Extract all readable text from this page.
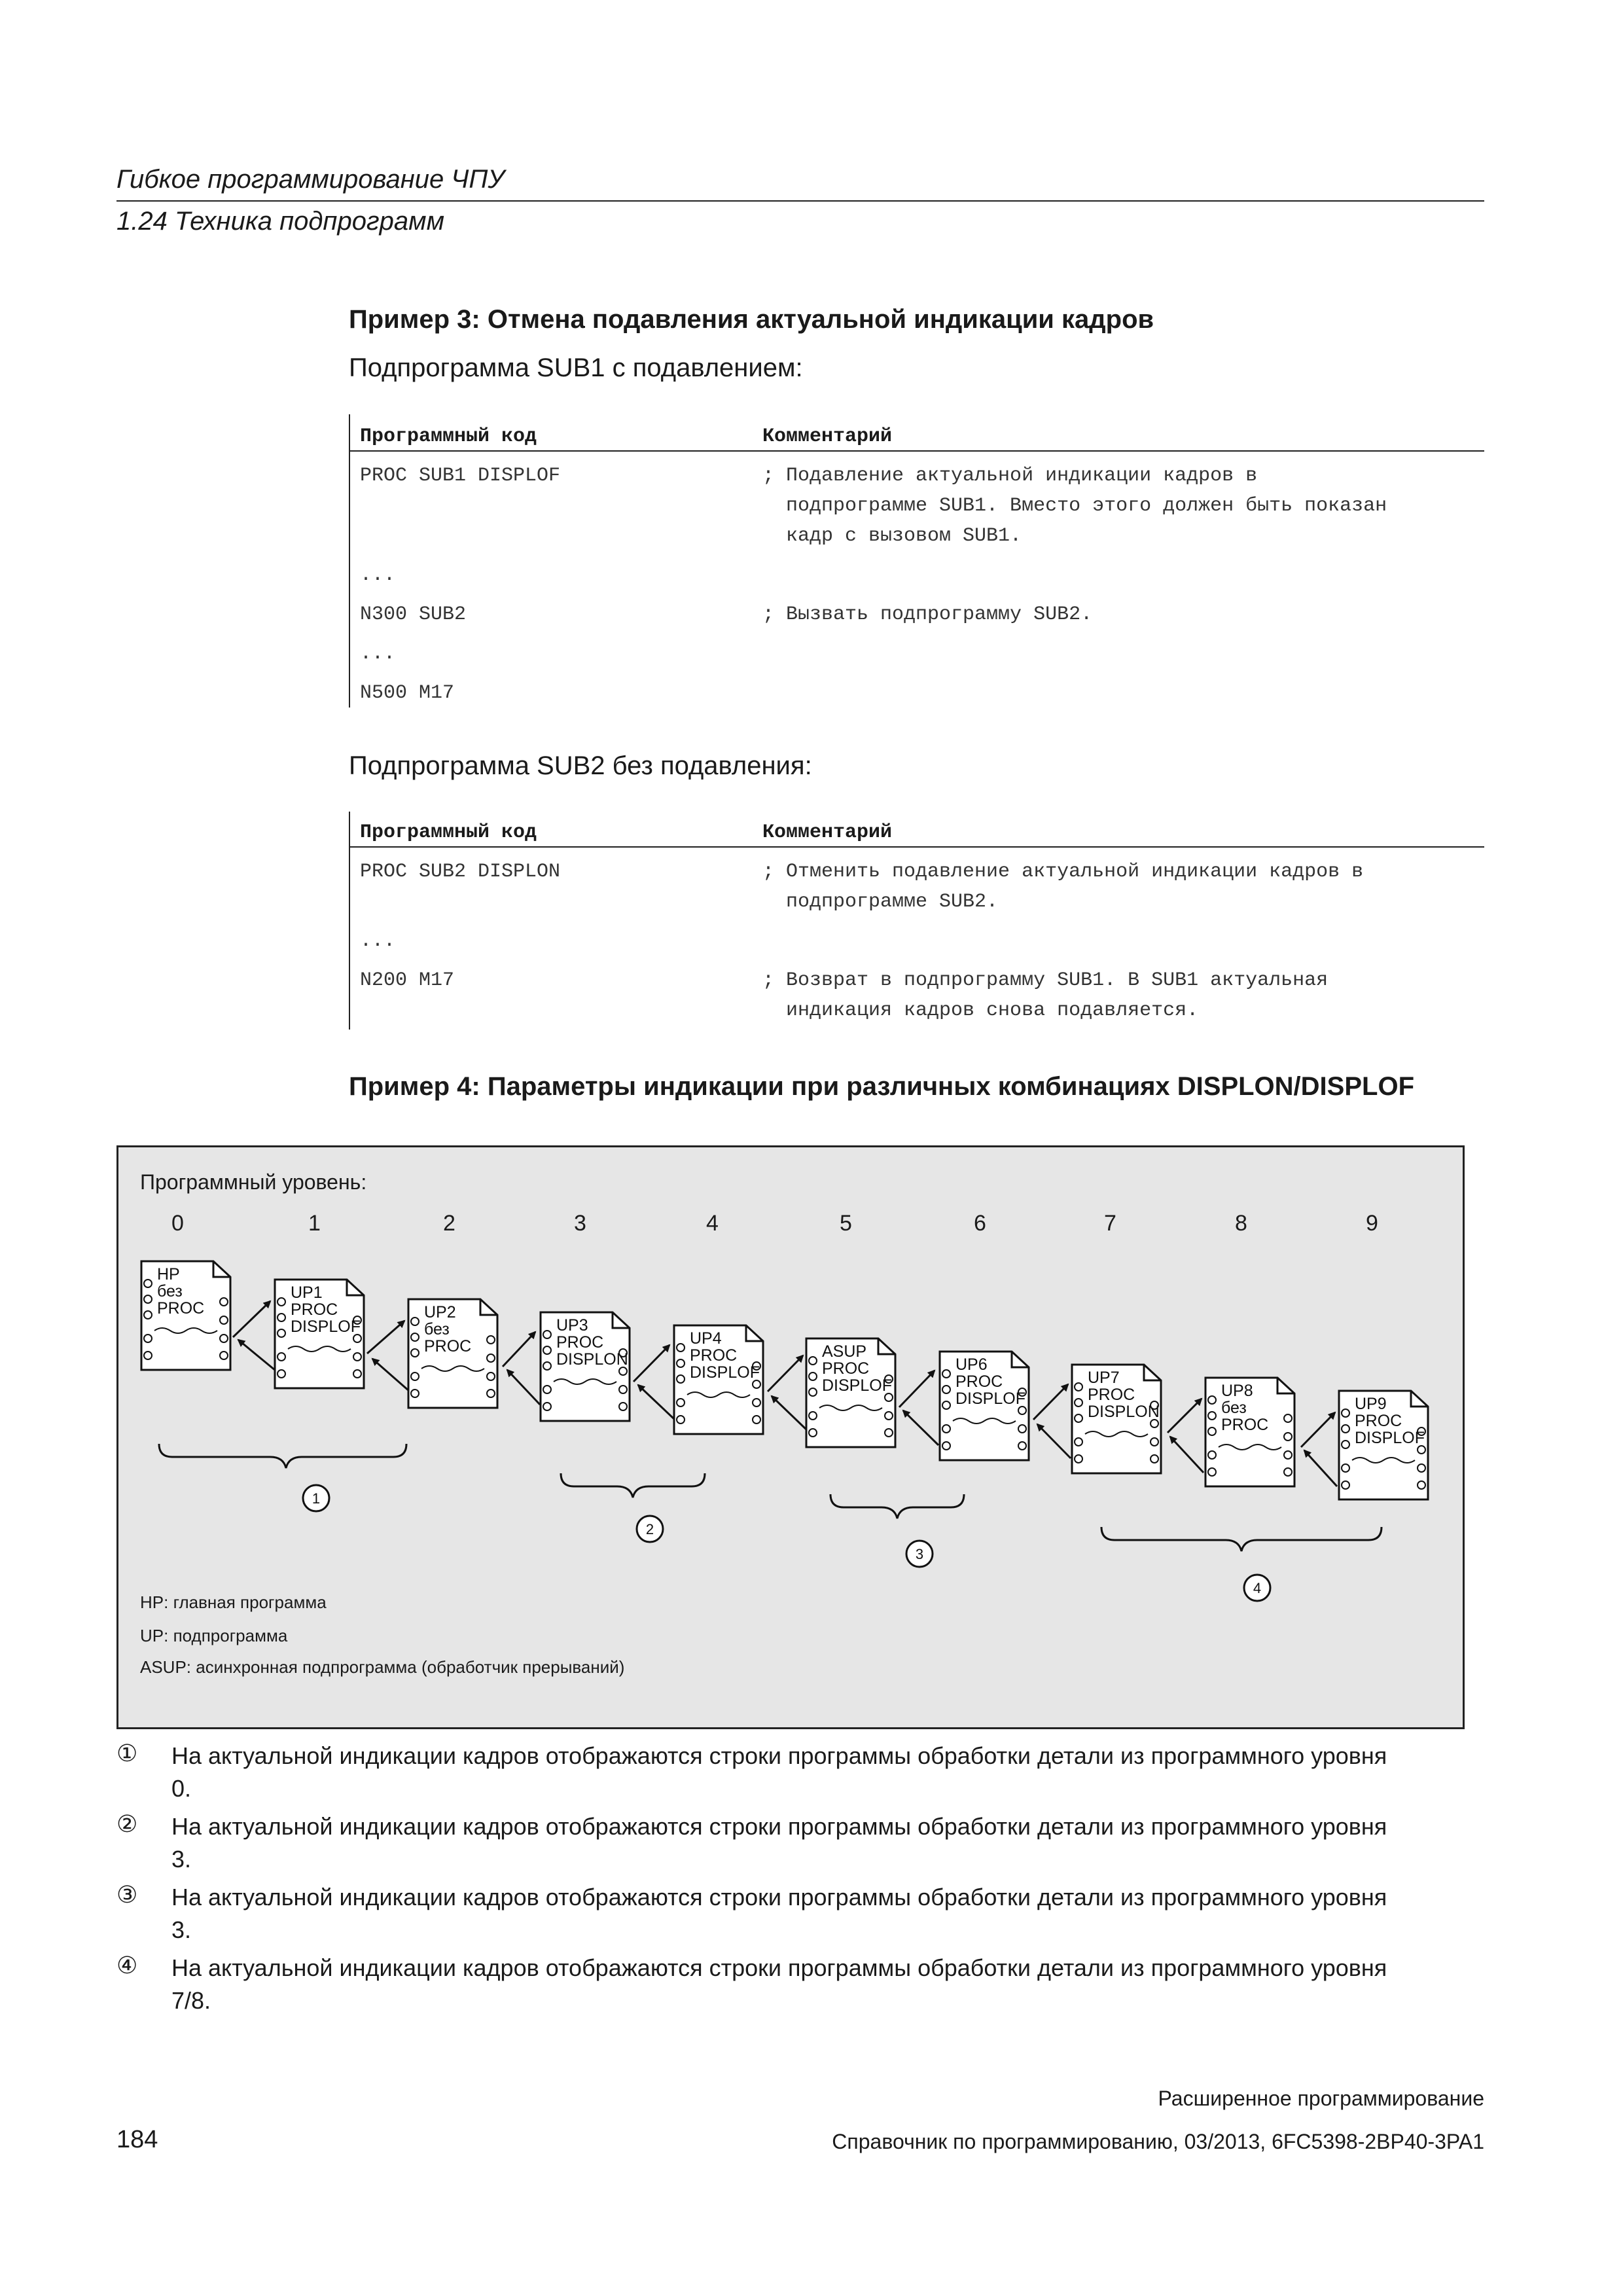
Гибкое программирование ЧПУ
1.24 Техника подпрограмм
Пример 3: Отмена подавления актуальной индикации кадров
Подпрограмма SUB1 с подавлением:
Программный код	Комментарий
PROC SUB1 DISPLOF	; Подавление актуальной индикации кадров в
подпрограмме SUB1. Вместо этого должен быть показан
кадр с вызовом SUB1.

...	
N300 SUB2	; Вызвать подпрограмму SUB2.
...	
N500 M17	
Подпрограмма SUB2 без подавления:
Программный код	Комментарий
PROC SUB2 DISPLON	; Отменить подавление актуальной индикации кадров в
подпрограмме SUB2.

...	
N200 M17	; Возврат в подпрограмму SUB1. В SUB1 актуальная
индикация кадров снова подавляется.
Пример 4: Параметры индикации при различных комбинациях DISPLON/DISPLOF
Программный уровень:
0	1	2	3	4	5	6	7	8	9
1
2
3
4
HP
без
PROC
UP1
PROC
DISPLOF
UP2
без
PROC
UP3
PROC
DISPLON
UP4
PROC
DISPLOF
ASUP
PROC
DISPLOF
UP6
PROC
DISPLOF
UP7
PROC
DISPLON
UP8
без
PROC
UP9
PROC
DISPLOF
HP: главная программа
UP: подпрограмма
ASUP: асинхронная подпрограмма (обработчик прерываний)
① На актуальной индикации кадров отображаются строки программы обработки детали из программного уровня
0.
② На актуальной индикации кадров отображаются строки программы обработки детали из программного уровня
3.
③ На актуальной индикации кадров отображаются строки программы обработки детали из программного уровня
3.
④ На актуальной индикации кадров отображаются строки программы обработки детали из программного уровня
7/8.
Расширенное программирование
184	Справочник по программированию, 03/2013, 6FC5398-2BP40-3PA1
